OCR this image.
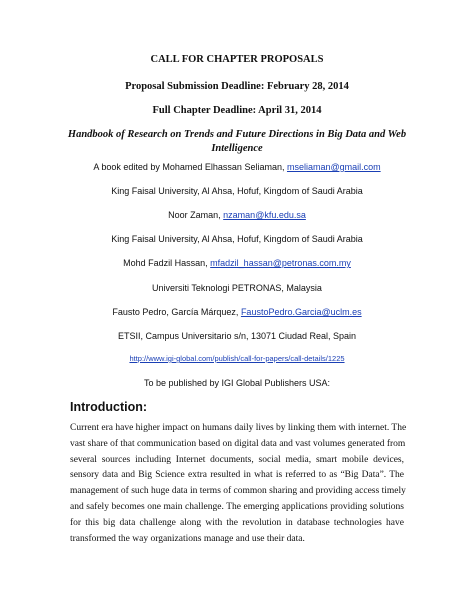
CALL FOR CHAPTER PROPOSALS
Proposal Submission Deadline: February 28, 2014
Full Chapter Deadline: April 31, 2014
Handbook of Research on Trends and Future Directions in Big Data and Web
Intelligence
A book edited by Mohamed Elhassan Seliaman, mseliaman@gmail.com
King Faisal University, Al Ahsa, Hofuf, Kingdom of Saudi Arabia
Noor Zaman, nzaman@kfu.edu.sa
King Faisal University, Al Ahsa, Hofuf, Kingdom of Saudi Arabia
Mohd Fadzil Hassan, mfadzil_hassan@petronas.com.my
Universiti Teknologi PETRONAS, Malaysia
Fausto Pedro, García Márquez, FaustoPedro.Garcia@uclm.es
ETSII, Campus Universitario s/n, 13071 Ciudad Real, Spain
http://www.igi-global.com/publish/call-for-papers/call-details/1225
To be published by IGI Global Publishers USA:
Introduction:
Current era have higher impact on humans daily lives by linking them with internet. The
vast share of that communication based on digital data and vast volumes generated from
several sources including Internet documents, social media, smart mobile devices,
sensory data and Big Science extra resulted in what is referred to as “Big Data”. The
management of such huge data in terms of common sharing and providing access timely
and safely becomes one main challenge. The emerging applications providing solutions
for this big data challenge along with the revolution in database technologies have
transformed the way organizations manage and use their data.
